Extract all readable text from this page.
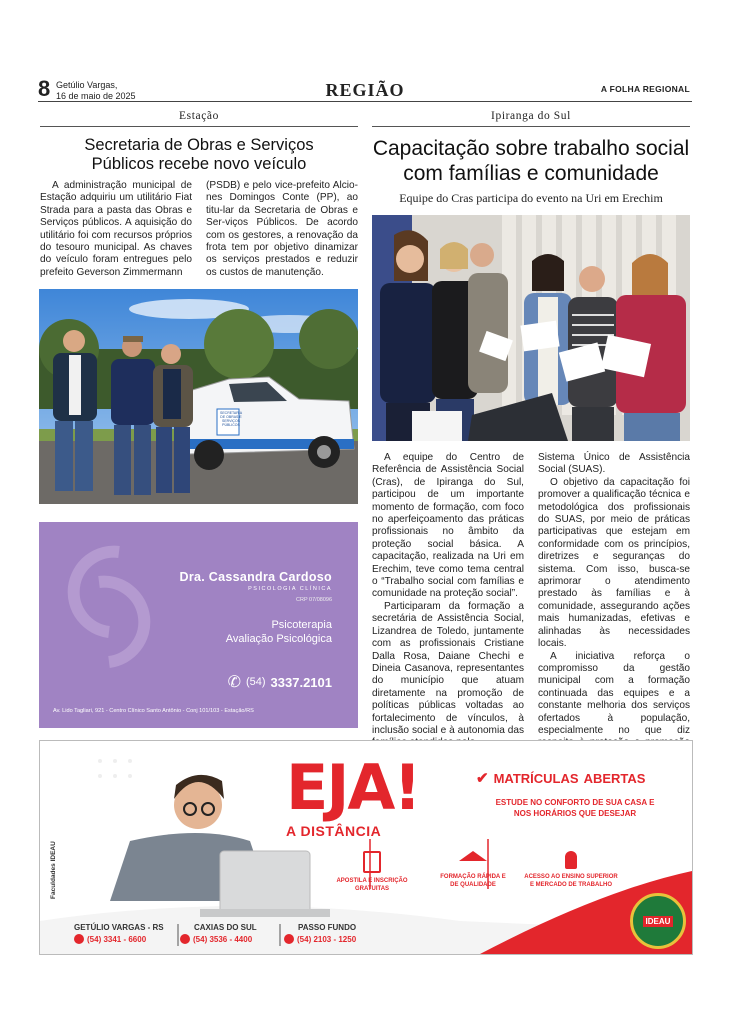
8 Getúlio Vargas,
16 de maio de 2025	REGIÃO	A FOLHA REGIONAL
Estação
Secretaria de Obras e Serviços
Públicos recebe novo veículo

A administração municipal de Estação adquiriu um utilitário Fiat Strada para a pasta das Obras e Serviços públicos. A aquisição do utilitário foi com recursos próprios do tesouro municipal. As chaves do veículo foram entregues pelo prefeito Geverson Zimmermann

(PSDB) e pelo vice-prefeito Alcio-nes Domingos Conte (PP), ao titu-lar da Secretaria de Obras e Ser-viços Públicos. De acordo com os gestores, a renovação da frota tem por objetivo dinamizar os serviços prestados e reduzir os custos de manutenção.

SECRETARIA DE OBRAS E SERVIÇOS PÚBLICOS
Dra. Cassandra Cardoso
PSICOLOGIA CLÍNICA
CRP 07/08096
Psicoterapia
Avaliação Psicológica
✆ (54) 3337.2101
Av. Lido Tagliari, 921 - Centro Clínico Santo Antônio - Conj 101/103 - Estação/RS
Ipiranga do Sul
Capacitação sobre trabalho social
com famílias e comunidade
Equipe do Cras participa do evento na Uri em Erechim

A equipe do Centro de Referência de Assistência Social (Cras), de Ipiranga do Sul, participou de um importante momento de formação, com foco no aperfeiçoamento das práticas profissionais no âmbito da proteção social básica. A capacitação, realizada na Uri em Erechim, teve como tema central o “Trabalho social com famílias e comunidade na proteção social”.

Participaram da formação a secretária de Assistência Social, Lizandrea de Toledo, juntamente com as profissionais Cristiane Dalla Rosa, Daiane Chechi e Dineia Casanova, representantes do município que atuam diretamente na promoção de políticas públicas voltadas ao fortalecimento de vínculos, à inclusão social e à autonomia das

Sistema Único de Assistência Social (SUAS).

O objetivo da capacitação foi promover a qualificação técnica e metodológica dos profissionais do SUAS, por meio de práticas participativas que estejam em conformidade com os princípios, diretrizes e seguranças do sistema. Com isso, busca-se aprimorar o atendimento prestado às famílias e à comunidade, assegurando ações mais humanizadas, efetivas e alinhadas às necessidades locais.

A iniciativa reforça o compromisso da gestão municipal com a formação continuada das equipes e a constante melhoria dos serviços ofertados à população, especialmente no que diz

Faculdades IDEAU
EJA!
A DISTÂNCIA
✔ MATRÍCULAS ABERTAS
ESTUDE NO CONFORTO DE SUA CASA E
NOS HORÁRIOS QUE DESEJAR
APOSTILA E INSCRIÇÃO
GRATUITAS
FORMAÇÃO RÁPIDA E
DE QUALIDADE
ACESSO AO ENSINO SUPERIOR
E MERCADO DE TRABALHO
GETÚLIO VARGAS - RS
(54) 3341 - 6600
CAXIAS DO SUL
(54) 3536 - 4400
PASSO FUNDO
(54) 2103 - 1250
IDEAU
